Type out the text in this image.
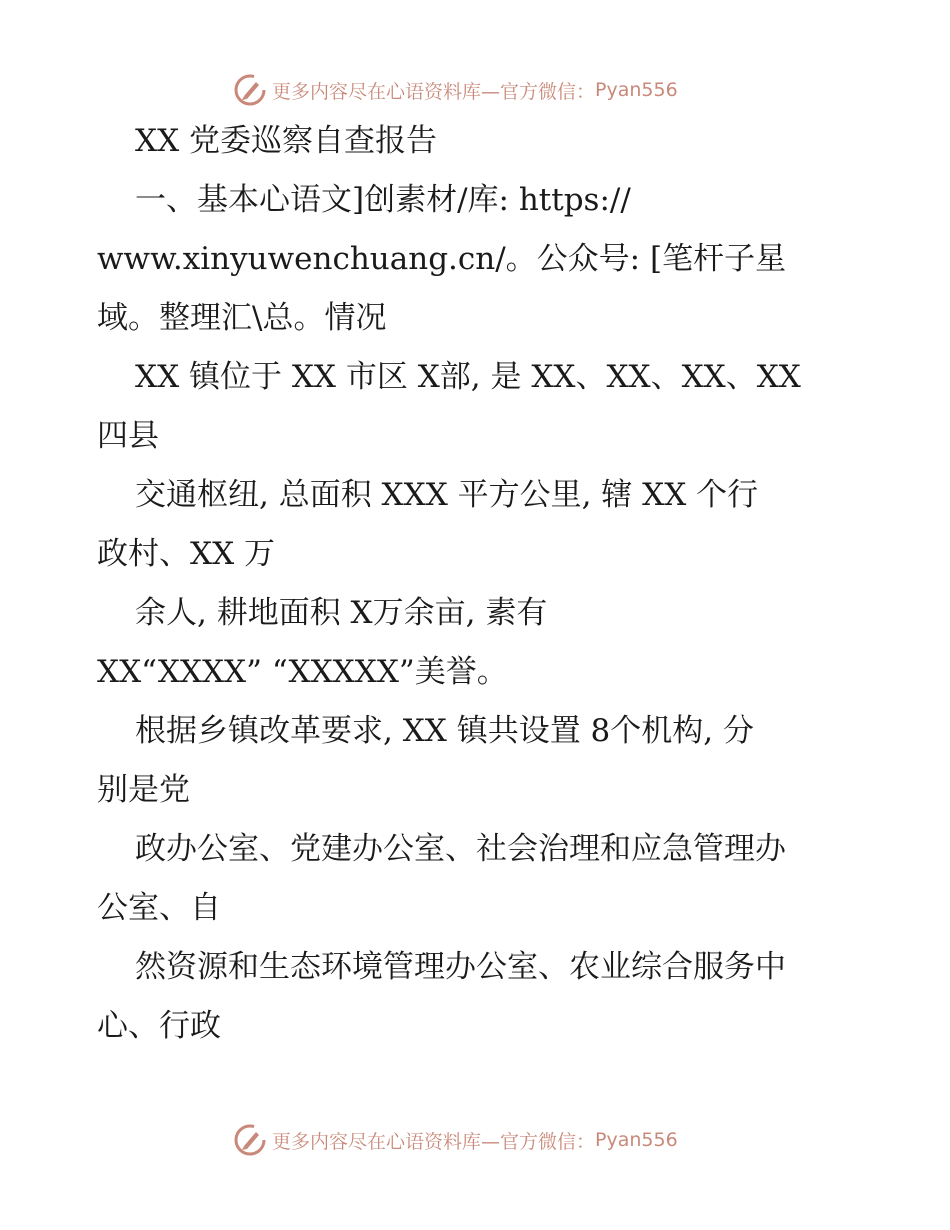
更多内容尽在心语资料库—官方微信： Pyan556
XX 党委巡察自查报告
一、基本心语文]创素材/库: https://
www.xinyuwenchuang.cn/。公众号: [笔杆子星
域。整理汇\总。情况
XX 镇位于 XX 市区 X部, 是 XX、XX、XX、XX
四县
交通枢纽, 总面积 XXX 平方公里, 辖 XX 个行
政村、XX 万
余人, 耕地面积 X万余亩, 素有
XX“XXXX” “XXXXX”美誉。
根据乡镇改革要求, XX 镇共设置 8个机构, 分
别是党
政办公室、党建办公室、社会治理和应急管理办
公室、自
然资源和生态环境管理办公室、农业综合服务中
心、行政
更多内容尽在心语资料库—官方微信： Pyan556
